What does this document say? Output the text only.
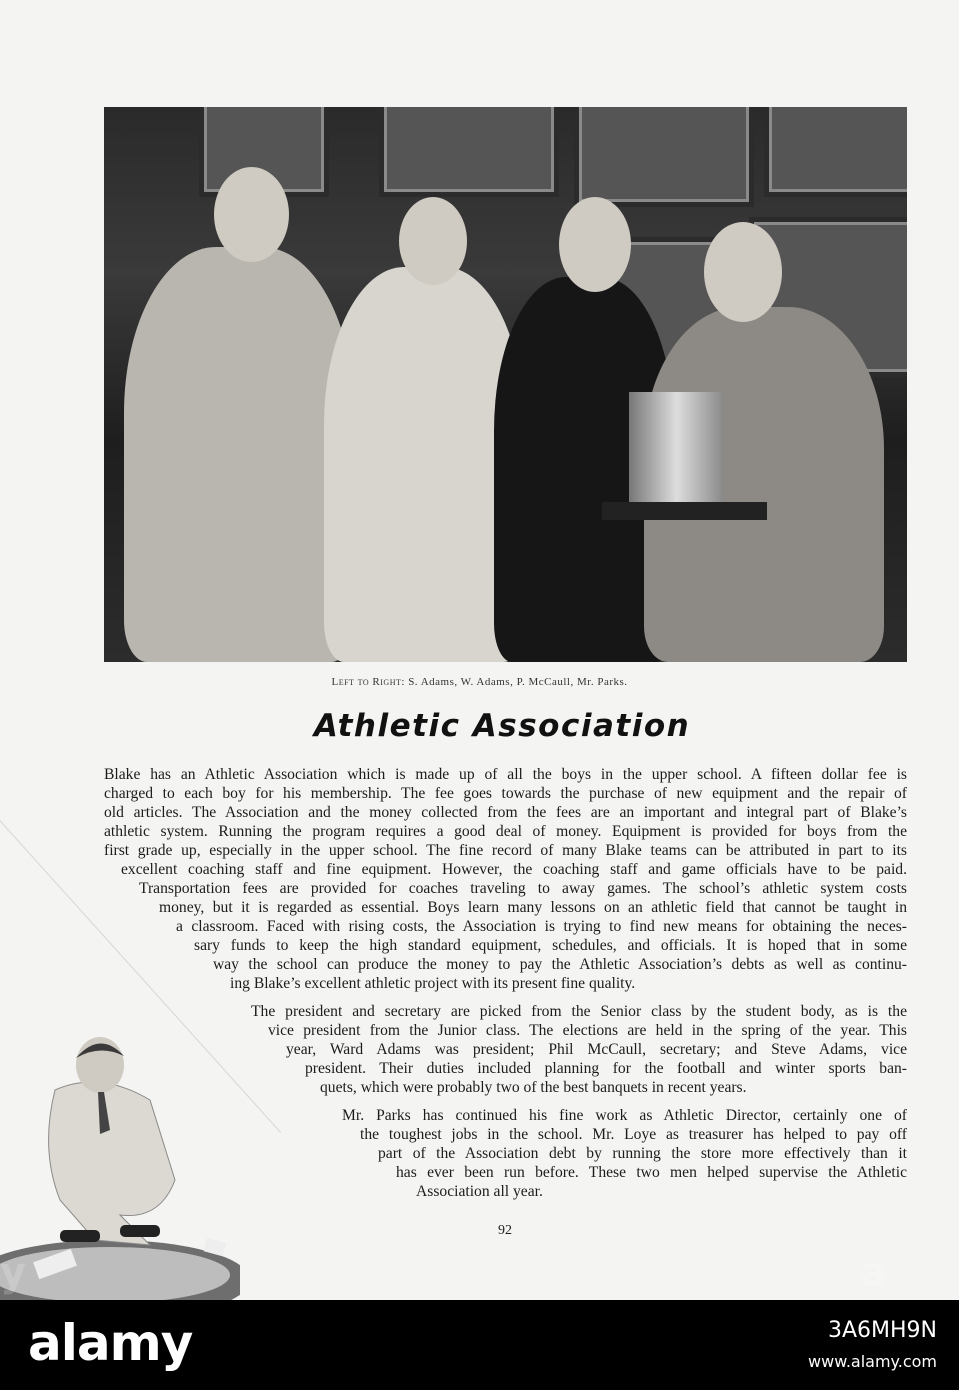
Left to Right: S. Adams, W. Adams, P. McCaull, Mr. Parks.
Athletic Association
Blake has an Athletic Association which is made up of all the boys in the upper school. A fifteen dollar fee is
charged to each boy for his membership. The fee goes towards the purchase of new equipment and the repair of
old articles. The Association and the money collected from the fees are an important and integral part of Blake’s
athletic system. Running the program requires a good deal of money. Equipment is provided for boys from the
first grade up, especially in the upper school. The fine record of many Blake teams can be attributed in part to its
excellent coaching staff and fine equipment. However, the coaching staff and game officials have to be paid.
Transportation fees are provided for coaches traveling to away games. The school’s athletic system costs
money, but it is regarded as essential. Boys learn many lessons on an athletic field that cannot be taught in
a classroom. Faced with rising costs, the Association is trying to find new means for obtaining the neces-
sary funds to keep the high standard equipment, schedules, and officials. It is hoped that in some
way the school can produce the money to pay the Athletic Association’s debts as well as continu-
ing Blake’s excellent athletic project with its present fine quality.
The president and secretary are picked from the Senior class by the student body, as is the
vice president from the Junior class. The elections are held in the spring of the year. This
year, Ward Adams was president; Phil McCaull, secretary; and Steve Adams, vice
president. Their duties included planning for the football and winter sports ban-
quets, which were probably two of the best banquets in recent years.
Mr. Parks has continued his fine work as Athletic Director, certainly one of
the toughest jobs in the school. Mr. Loye as treasurer has helped to pay off
part of the Association debt by running the store more effectively than it
has ever been run before. These two men helped supervise the Athletic
Association all year.
92
alamy	3A6MH9N
www.alamy.com
a
y
